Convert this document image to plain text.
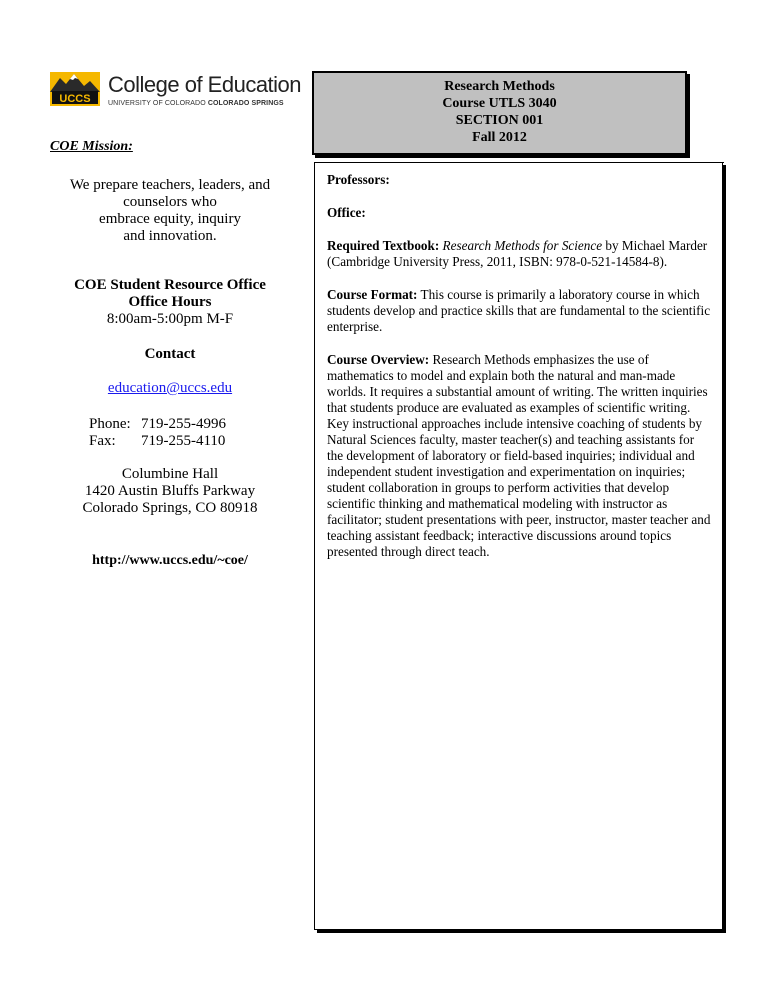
UCCS
College of Education
UNIVERSITY OF COLORADO COLORADO SPRINGS
Research Methods
Course UTLS 3040
SECTION 001
Fall 2012
COE Mission:
We prepare teachers, leaders, and
counselors who
embrace equity, inquiry
and innovation.
COE Student Resource Office
Office Hours
8:00am-5:00pm M-F
Contact
education@uccs.edu
Phone: 719-255-4996
Fax:	719-255-4110
Columbine Hall
1420 Austin Bluffs Parkway
Colorado Springs, CO 80918
http://www.uccs.edu/~coe/

Professors:

Office:

Required Textbook: Research Methods for Science by Michael Marder (Cambridge University Press, 2011, ISBN: 978-0-521-14584-8).

Course Format: This course is primarily a laboratory course in which students develop and practice skills that are fundamental to the scientific enterprise.

Course Overview: Research Methods emphasizes the use of mathematics to model and explain both the natural and man-made worlds. It requires a substantial amount of writing. The written inquiries that students produce are evaluated as examples of scientific writing. Key instructional approaches include intensive coaching of students by Natural Sciences faculty, master teacher(s) and teaching assistants for the development of laboratory or field-based inquiries; individual and independent student investigation and experimentation on inquiries; student collaboration in groups to perform activities that develop scientific thinking and mathematical modeling with instructor as facilitator; student presentations with peer, instructor, master teacher and teaching assistant feedback; interactive discussions around topics presented through direct teach.
